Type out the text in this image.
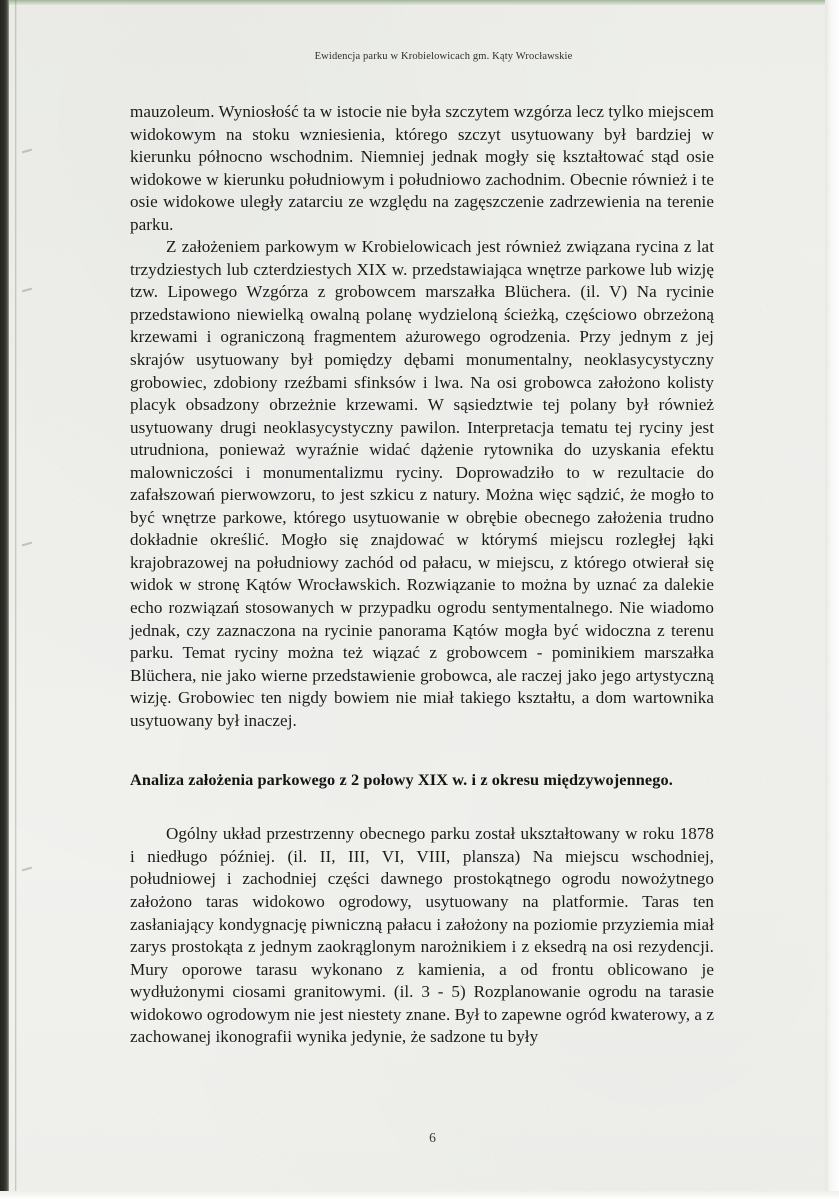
Ewidencja parku w Krobielowicach gm. Kąty Wrocławskie

mauzoleum. Wyniosłość ta w istocie nie była szczytem wzgórza lecz tylko miejscem widokowym na stoku wzniesienia, którego szczyt usytuowany był bardziej w kierunku północno wschodnim. Niemniej jednak mogły się kształtować stąd osie widokowe w kierunku południowym i południowo zachodnim. Obecnie również i te osie widokowe uległy zatarciu ze względu na zagęszczenie zadrzewienia na terenie parku.

Z założeniem parkowym w Krobielowicach jest również związana rycina z lat trzydziestych lub czterdziestych XIX w. przedstawiająca wnętrze parkowe lub wizję tzw. Lipowego Wzgórza z grobowcem marszałka Blüchera. (il. V) Na rycinie przedstawiono niewielką owalną polanę wydzieloną ścieżką, częściowo obrzeżoną krzewami i ograniczoną fragmentem ażurowego ogrodzenia. Przy jednym z jej skrajów usytuowany był pomiędzy dębami monumentalny, neoklasycystyczny grobowiec, zdobiony rzeźbami sfinksów i lwa. Na osi grobowca założono kolisty placyk obsadzony obrzeżnie krzewami. W sąsiedztwie tej polany był również usytuowany drugi neoklasycystyczny pawilon. Interpretacja tematu tej ryciny jest utrudniona, ponieważ wyraźnie widać dążenie rytownika do uzyskania efektu malowniczości i monumentalizmu ryciny. Doprowadziło to w rezultacie do zafałszowań pierwowzoru, to jest szkicu z natury. Można więc sądzić, że mogło to być wnętrze parkowe, którego usytuowanie w obrębie obecnego założenia trudno dokładnie określić. Mogło się znajdować w którymś miejscu rozległej łąki krajobrazowej na południowy zachód od pałacu, w miejscu, z którego otwierał się widok w stronę Kątów Wrocławskich. Rozwiązanie to można by uznać za dalekie echo rozwiązań stosowanych w przypadku ogrodu sentymentalnego. Nie wiadomo jednak, czy zaznaczona na rycinie panorama Kątów mogła być widoczna z terenu parku. Temat ryciny można też wiązać z grobowcem - pominikiem marszałka Blüchera, nie jako wierne przedstawienie grobowca, ale raczej jako jego artystyczną wizję. Grobowiec ten nigdy bowiem nie miał takiego kształtu, a dom wartownika usytuowany był inaczej.

Analiza założenia parkowego z 2 połowy XIX w. i z okresu międzywojennego.

Ogólny układ przestrzenny obecnego parku został ukształtowany w roku 1878 i niedługo później. (il. II, III, VI, VIII, plansza) Na miejscu wschodniej, południowej i zachodniej części dawnego prostokątnego ogrodu nowożytnego założono taras widokowo ogrodowy, usytuowany na platformie. Taras ten zasłaniający kondygnację piwniczną pałacu i założony na poziomie przyziemia miał zarys prostokąta z jednym zaokrąglonym narożnikiem i z eksedrą na osi rezydencji. Mury oporowe tarasu wykonano z kamienia, a od frontu oblicowano je wydłużonymi ciosami granitowymi. (il. 3 - 5) Rozplanowanie ogrodu na tarasie widokowo ogrodowym nie jest niestety znane. Był to zapewne ogród kwaterowy, a z zachowanej ikonografii wynika jedynie, że sadzone tu były

6
